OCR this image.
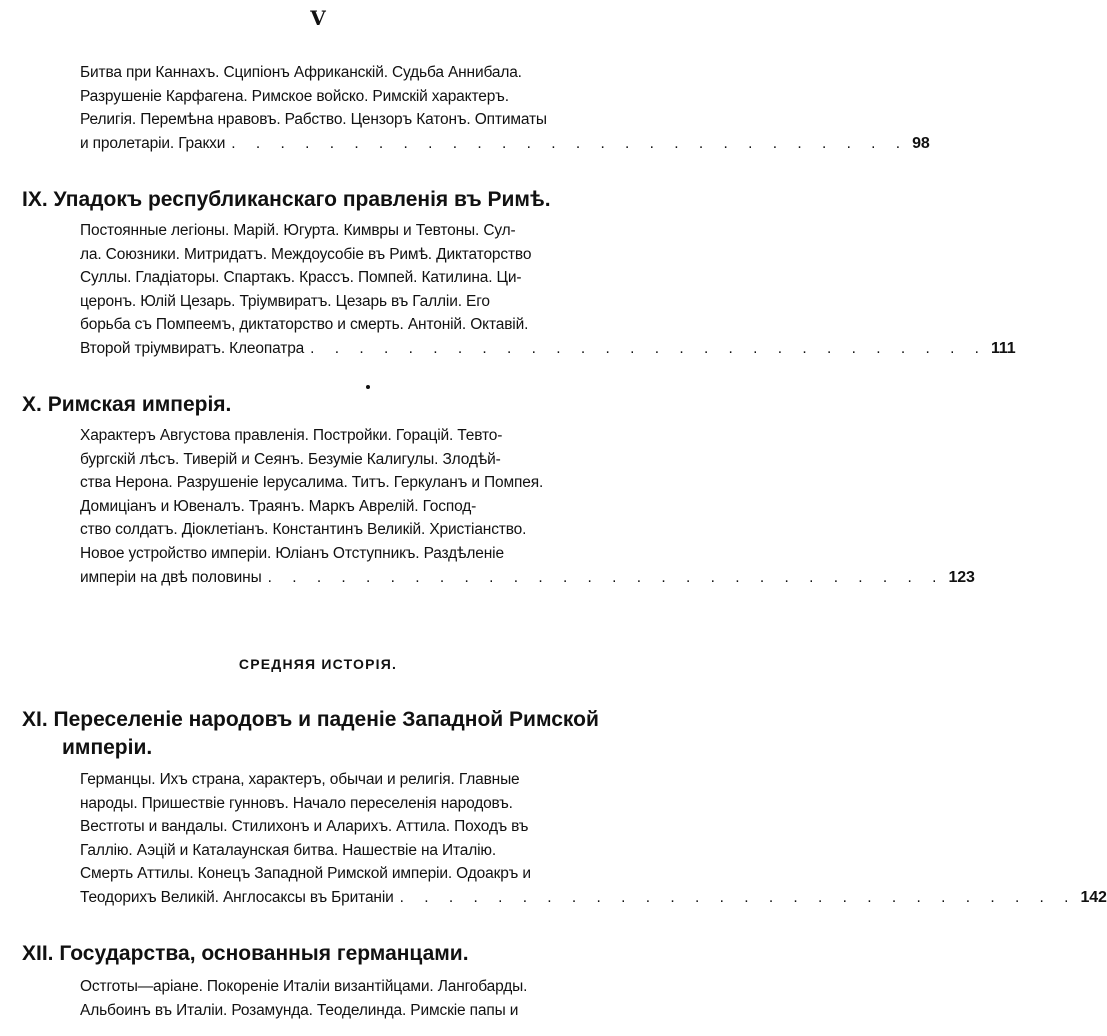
V
Битва при Каннахъ. Сципіонъ Африканскій. Судьба Аннибала.
Разрушеніе Карфагена. Римское войско. Римскій характеръ.
Религія. Перемѣна нравовъ. Рабство. Цензоръ Катонъ. Оптиматы
и пролетаріи. Гракхи . . . . . . . . . . . . . . . . . . . . . . . . . . . . 98
IX. Упадокъ республиканскаго правленія въ Римѣ.
Постоянные легіоны. Марій. Югурта. Кимвры и Тевтоны. Сул-
ла. Союзники. Митридатъ. Междоусобіе въ Римѣ. Диктаторство
Суллы. Гладіаторы. Спартакъ. Крассъ. Помпей. Катилина. Ци-
церонъ. Юлій Цезарь. Тріумвиратъ. Цезарь въ Галліи. Его
борьба съ Помпеемъ, диктаторство и смерть. Антоній. Октавій.
Второй тріумвиратъ. Клеопатра . . . . . . . . . . . . . . . . . . . . . . . . . . . . 111
X. Римская имперія.
Характеръ Августова правленія. Постройки. Горацій. Тевто-
бургскій лѣсъ. Тиверій и Сеянъ. Безуміе Калигулы. Злодѣй-
ства Нерона. Разрушеніе Іерусалима. Титъ. Геркуланъ и Помпея.
Домиціанъ и Ювеналъ. Траянъ. Маркъ Аврелій. Господ-
ство солдатъ. Діоклетіанъ. Константинъ Великій. Христіанство.
Новое устройство имперіи. Юліанъ Отступникъ. Раздѣленіе
имперіи на двѣ половины . . . . . . . . . . . . . . . . . . . . . . . . . . . . 123
СРЕДНЯЯ ИСТОРІЯ.
XI. Переселеніе народовъ и паденіе Западной Римской
имперіи.
Германцы. Ихъ страна, характеръ, обычаи и религія. Главные
народы. Пришествіе гунновъ. Начало переселенія народовъ.
Вестготы и вандалы. Стилихонъ и Аларихъ. Аттила. Походъ въ
Галлію. Аэцій и Каталаунская битва. Нашествіе на Италію.
Смерть Аттилы. Конецъ Западной Римской имперіи. Одоакръ и
Теодорихъ Великій. Англосаксы въ Британіи . . . . . . . . . . . . . . . . . . . . . . . . . . . . 142
XII. Государства, основанныя германцами.
Остготы—аріане. Покореніе Италіи византійцами. Лангобарды.
Альбоинъ въ Италіи. Розамунда. Теоделинда. Римскіе папы и
